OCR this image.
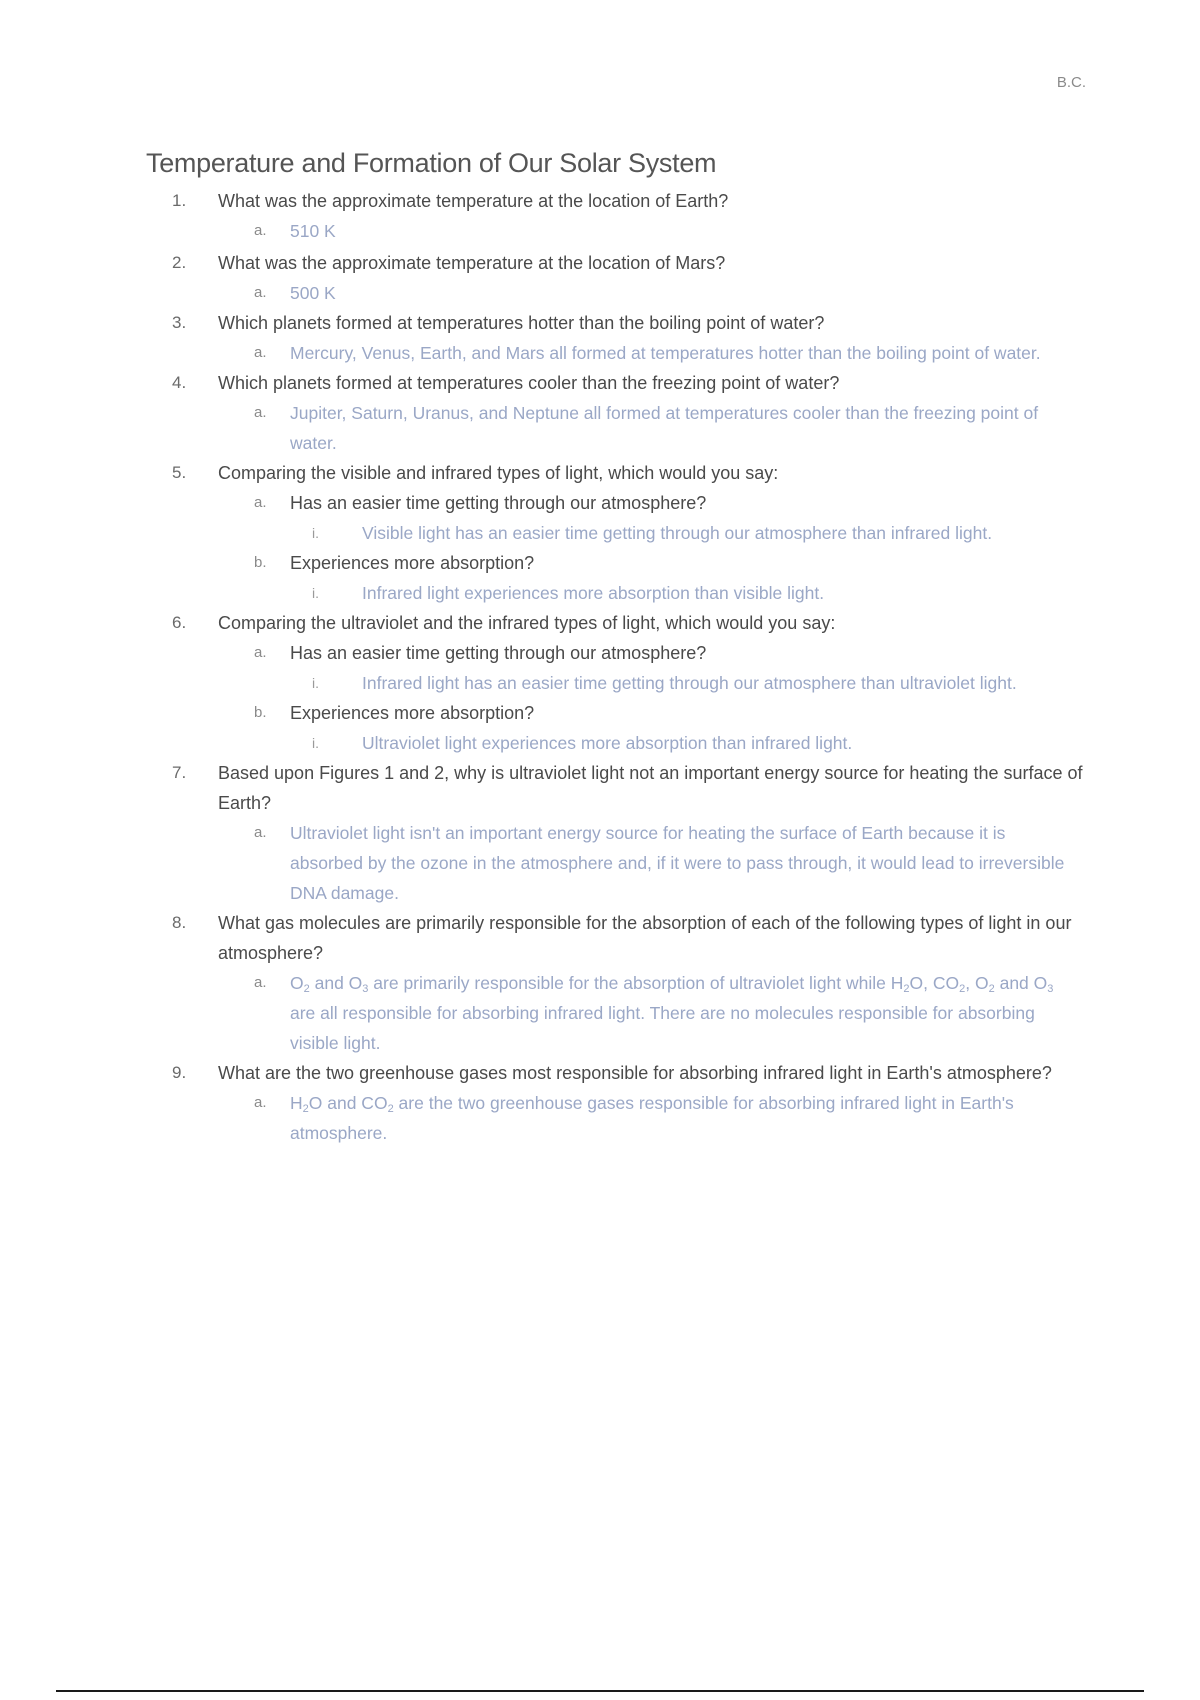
B.C.
Temperature and Formation of Our Solar System
1.	What was the approximate temperature at the location of Earth?
a.	510 K
2.	What was the approximate temperature at the location of Mars?
a.	500 K
3.	Which planets formed at temperatures hotter than the boiling point of water?
a.	Mercury, Venus, Earth, and Mars all formed at temperatures hotter than the boiling point of water.
4.	Which planets formed at temperatures cooler than the freezing point of water?
a.	Jupiter, Saturn, Uranus, and Neptune all formed at temperatures cooler than the freezing point of water.
5.	Comparing the visible and infrared types of light, which would you say:
a.	Has an easier time getting through our atmosphere?
i.	Visible light has an easier time getting through our atmosphere than infrared light.
b.	Experiences more absorption?
i.	Infrared light experiences more absorption than visible light.
6.	Comparing the ultraviolet and the infrared types of light, which would you say:
a.	Has an easier time getting through our atmosphere?
i.	Infrared light has an easier time getting through our atmosphere than ultraviolet light.
b.	Experiences more absorption?
i.	Ultraviolet light experiences more absorption than infrared light.
7.	Based upon Figures 1 and 2, why is ultraviolet light not an important energy source for heating the surface of Earth?
a.	Ultraviolet light isn't an important energy source for heating the surface of Earth because it is absorbed by the ozone in the atmosphere and, if it were to pass through, it would lead to irreversible DNA damage.
8.	What gas molecules are primarily responsible for the absorption of each of the following types of light in our atmosphere?
a.	$O_2$ and $O_3$ are primarily responsible for the absorption of ultraviolet light while $H_2O$, $CO_2$, $O_2$ and $O_3$ are all responsible for absorbing infrared light. There are no molecules responsible for absorbing visible light.
9.	What are the two greenhouse gases most responsible for absorbing infrared light in Earth's atmosphere?
a.	$H_2O$ and $CO_2$ are the two greenhouse gases responsible for absorbing infrared light in Earth's atmosphere.
